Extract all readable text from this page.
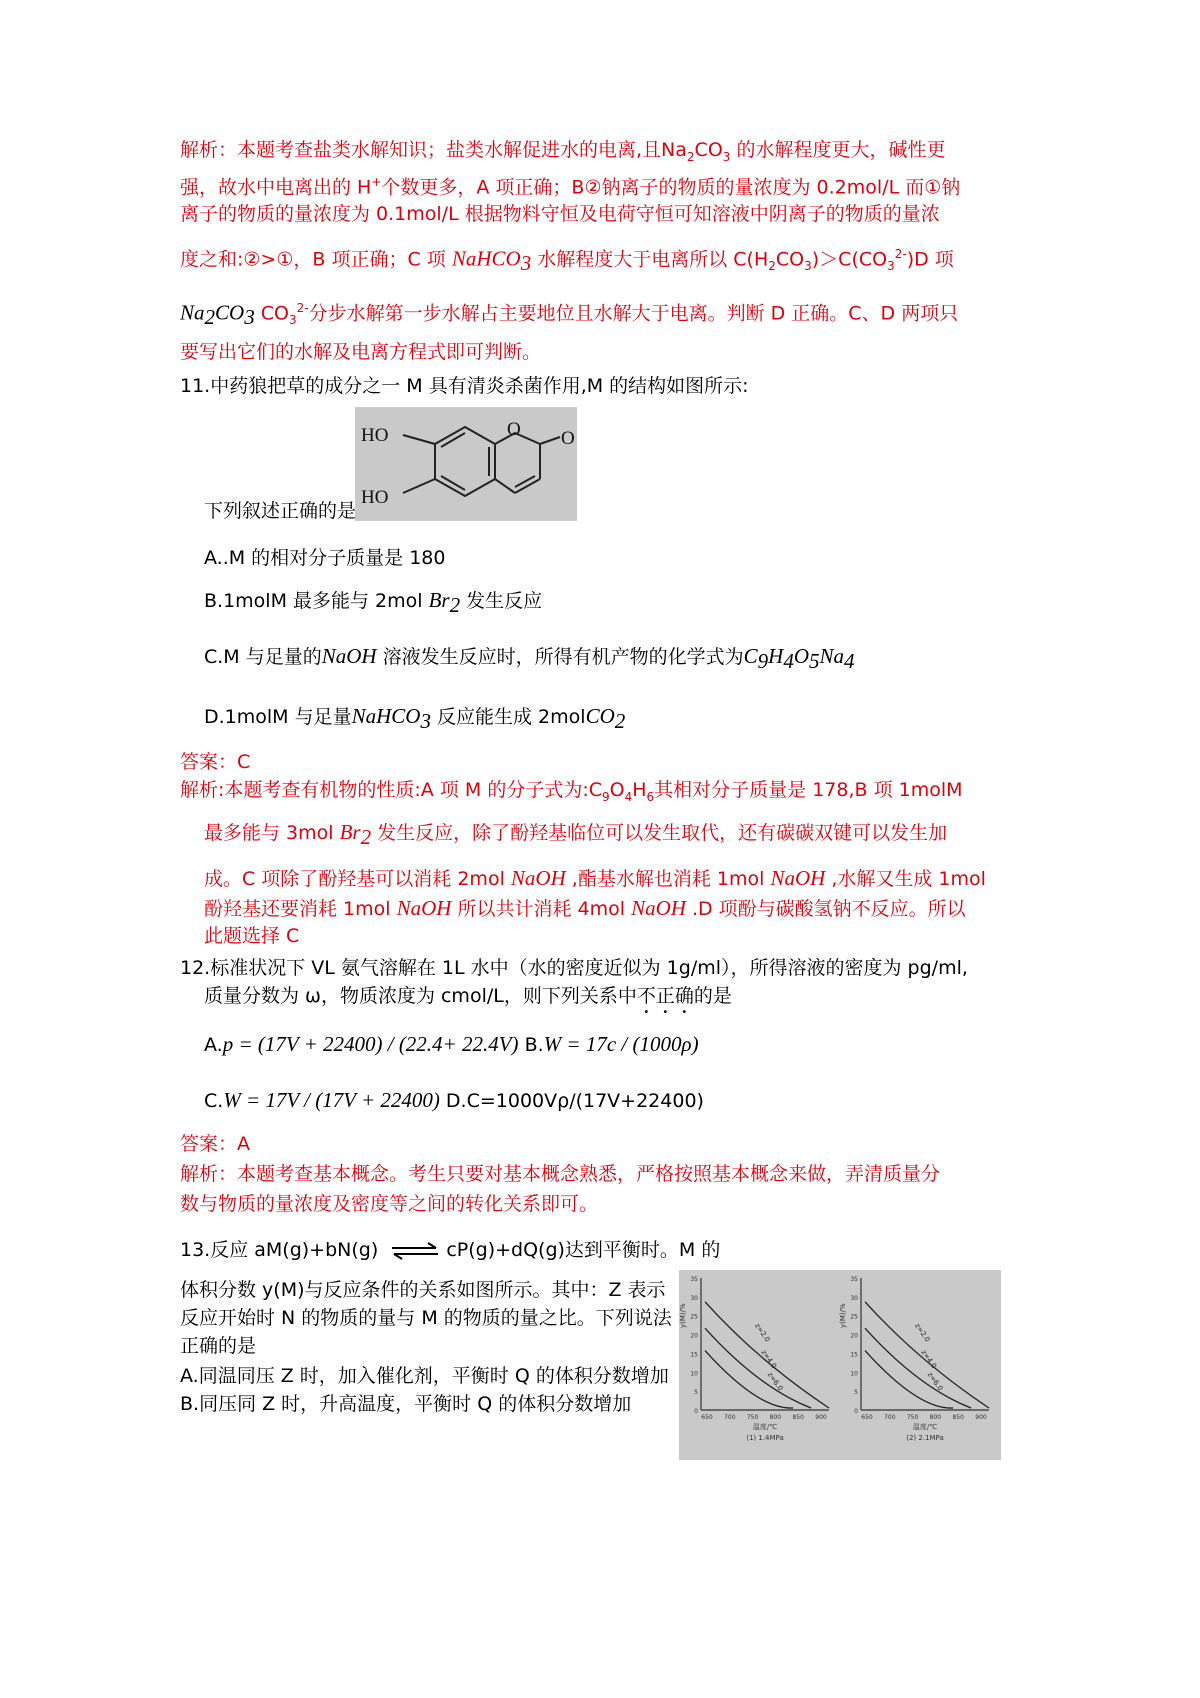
解析：本题考查盐类水解知识；盐类水解促进水的电离,且$Na_2CO_3$ 的水解程度更大，碱性更
强，故水中电离出的 H+个数更多，A 项正确；B②钠离子的物质的量浓度为 0.2mol/L 而①钠
离子的物质的量浓度为 0.1mol/L 根据物料守恒及电荷守恒可知溶液中阴离子的物质的量浓
度之和:②>①，B 项正确；C 项 NaHCO$_3$ 水解程度大于电离所以 $C(H_2CO_3)>C(CO_3^{2-})D$ 项
$Na_2CO_3$ $CO_3^{2-}$分步水解第一步水解占主要地位且水解大于电离。判断 D 正确。C、D 两项只
要写出它们的水解及电离方程式即可判断。
11.中药狼把草的成分之一 M 具有清炎杀菌作用,M 的结构如图所示:
HO
HO
O O
下列叙述正确的是
A..M 的相对分子质量是 180
B.1molM 最多能与 2mol $Br_2$ 发生反应
C.M 与足量的NaOH 溶液发生反应时，所得有机产物的化学式为$C_9H_4O_5Na_4$
D.1molM 与足量NaHCO$_3$ 反应能生成 2molCO$_2$
答案：C
解析:本题考查有机物的性质:A 项 M 的分子式为$:C_9O_4H_6$其相对分子质量是 178,B 项 1molM
最多能与 3mol $Br_2$ 发生反应，除了酚羟基临位可以发生取代，还有碳碳双键可以发生加
成。C 项除了酚羟基可以消耗 2mol NaOH ,酯基水解也消耗 1mol NaOH ,水解又生成 1mol
酚羟基还要消耗 1mol NaOH 所以共计消耗 4mol NaOH .D 项酚与碳酸氢钠不反应。所以
此题选择 C
12.标准状况下 VL 氨气溶解在 1L 水中（水的密度近似为 1g/ml），所得溶液的密度为 pg/ml,
质量分数为 ω，物质浓度为 cmol/L，则下列关系中不正确的是
A.p = (17V + 22400) / (22.4+ 22.4V) B.W = 17c / (1000ρ)
C.W = 17V / (17V + 22400) D.C=1000Vρ/(17V+22400)
答案：A
解析：本题考查基本概念。考生只要对基本概念熟悉，严格按照基本概念来做，弄清质量分
数与物质的量浓度及密度等之间的转化关系即可。
13.反应 aM(g)+bN(g) ⇌ cP(g)+dQ(g)达到平衡时。M 的
体积分数 y(M)与反应条件的关系如图所示。其中：Z 表示
反应开始时 N 的物质的量与 M 的物质的量之比。下列说法
正确的是
A.同温同压 Z 时，加入催化剂，平衡时 Q 的体积分数增加
B.同压同 Z 时，升高温度，平衡时 Q 的体积分数增加
35
30
25
20
15
10
5
0
650 700 750 800 850 900
y(M)/%
温度/℃
(1) 1.4MPa
z=2.0
z=4.0
z=6.0
35
30
25
20
15
10
5
0
650 700 750 800 850 900
y(M)/%
温度/℃
(2) 2.1MPa
z=2.0
z=4.0
z=6.0
